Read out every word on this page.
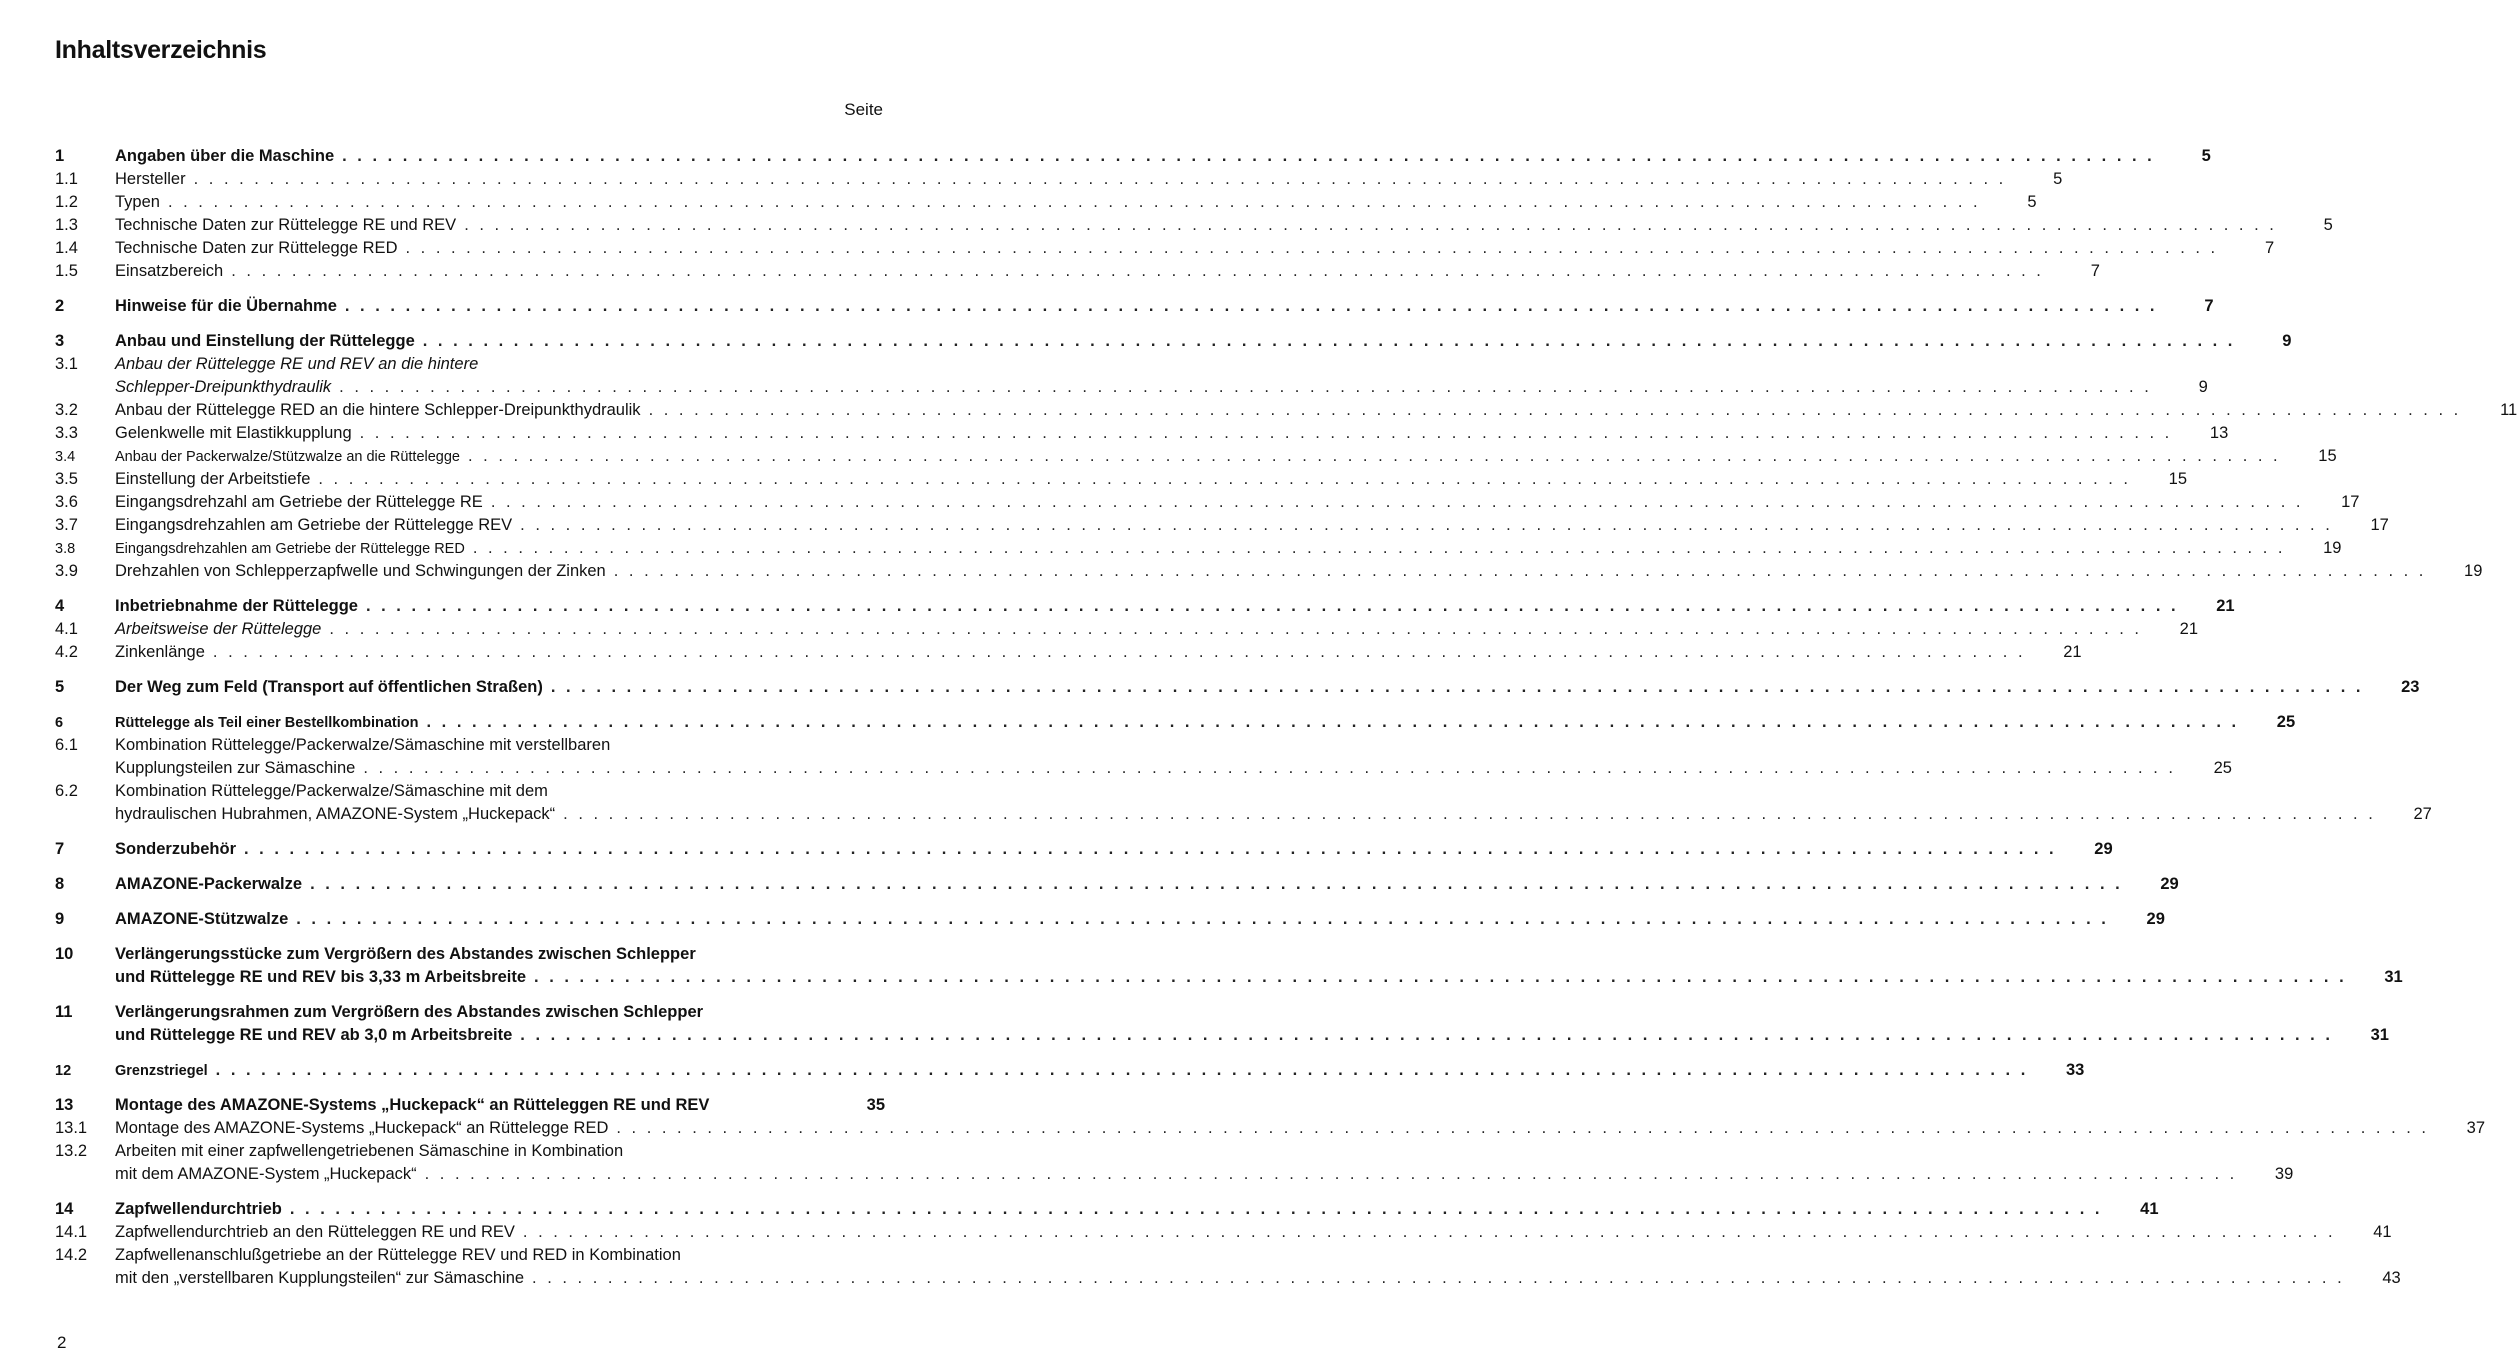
Inhaltsverzeichnis
Seite
1	Angaben über die Maschine . . . . . . . . . . . . . . . . . . . . . . . . . . . . . . . . . . . . . . . . . . . . . . . . . . . . . . . . . . . . . . . . . . . . . . . . . . . . . . . . . . . . . . . . . . . . . . . . . . . . . . . . . . . . . . . . . . . . . . . .	5
1.1	Hersteller . . . . . . . . . . . . . . . . . . . . . . . . . . . . . . . . . . . . . . . . . . . . . . . . . . . . . . . . . . . . . . . . . . . . . . . . . . . . . . . . . . . . . . . . . . . . . . . . . . . . . . . . . . . . . . . . . . . . . . . .	5
1.2	Typen . . . . . . . . . . . . . . . . . . . . . . . . . . . . . . . . . . . . . . . . . . . . . . . . . . . . . . . . . . . . . . . . . . . . . . . . . . . . . . . . . . . . . . . . . . . . . . . . . . . . . . . . . . . . . . . . . . . . . . . .	5
1.3	Technische Daten zur Rüttelegge RE und REV . . . . . . . . . . . . . . . . . . . . . . . . . . . . . . . . . . . . . . . . . . . . . . . . . . . . . . . . . . . . . . . . . . . . . . . . . . . . . . . . . . . . . . . . . . . . . . . . . . . . . . . . . . . . . . . . . . . . . . . .	5
1.4	Technische Daten zur Rüttelegge RED . . . . . . . . . . . . . . . . . . . . . . . . . . . . . . . . . . . . . . . . . . . . . . . . . . . . . . . . . . . . . . . . . . . . . . . . . . . . . . . . . . . . . . . . . . . . . . . . . . . . . . . . . . . . . . . . . . . . . . . .	7
1.5	Einsatzbereich . . . . . . . . . . . . . . . . . . . . . . . . . . . . . . . . . . . . . . . . . . . . . . . . . . . . . . . . . . . . . . . . . . . . . . . . . . . . . . . . . . . . . . . . . . . . . . . . . . . . . . . . . . . . . . . . . . . . . . . .	7
2	Hinweise für die Übernahme . . . . . . . . . . . . . . . . . . . . . . . . . . . . . . . . . . . . . . . . . . . . . . . . . . . . . . . . . . . . . . . . . . . . . . . . . . . . . . . . . . . . . . . . . . . . . . . . . . . . . . . . . . . . . . . . . . . . . . . .	7
3	Anbau und Einstellung der Rüttelegge . . . . . . . . . . . . . . . . . . . . . . . . . . . . . . . . . . . . . . . . . . . . . . . . . . . . . . . . . . . . . . . . . . . . . . . . . . . . . . . . . . . . . . . . . . . . . . . . . . . . . . . . . . . . . . . . . . . . . . . .	9
3.1	Anbau der Rüttelegge RE und REV an die hintere
Schlepper-Dreipunkthydraulik . . . . . . . . . . . . . . . . . . . . . . . . . . . . . . . . . . . . . . . . . . . . . . . . . . . . . . . . . . . . . . . . . . . . . . . . . . . . . . . . . . . . . . . . . . . . . . . . . . . . . . . . . . . . . . . . . . . . . . . .	9
3.2	Anbau der Rüttelegge RED an die hintere Schlepper-Dreipunkthydraulik . . . . . . . . . . . . . . . . . . . . . . . . . . . . . . . . . . . . . . . . . . . . . . . . . . . . . . . . . . . . . . . . . . . . . . . . . . . . . . . . . . . . . . . . . . . . . . . . . . . . . . . . . . . . . . . . . . . . . . . .	11
3.3	Gelenkwelle mit Elastikkupplung . . . . . . . . . . . . . . . . . . . . . . . . . . . . . . . . . . . . . . . . . . . . . . . . . . . . . . . . . . . . . . . . . . . . . . . . . . . . . . . . . . . . . . . . . . . . . . . . . . . . . . . . . . . . . . . . . . . . . . . .	13
3.4	Anbau der Packerwalze/Stützwalze an die Rüttelegge . . . . . . . . . . . . . . . . . . . . . . . . . . . . . . . . . . . . . . . . . . . . . . . . . . . . . . . . . . . . . . . . . . . . . . . . . . . . . . . . . . . . . . . . . . . . . . . . . . . . . . . . . . . . . . . . . . . . . . . .	15
3.5	Einstellung der Arbeitstiefe . . . . . . . . . . . . . . . . . . . . . . . . . . . . . . . . . . . . . . . . . . . . . . . . . . . . . . . . . . . . . . . . . . . . . . . . . . . . . . . . . . . . . . . . . . . . . . . . . . . . . . . . . . . . . . . . . . . . . . . .	15
3.6	Eingangsdrehzahl am Getriebe der Rüttelegge RE . . . . . . . . . . . . . . . . . . . . . . . . . . . . . . . . . . . . . . . . . . . . . . . . . . . . . . . . . . . . . . . . . . . . . . . . . . . . . . . . . . . . . . . . . . . . . . . . . . . . . . . . . . . . . . . . . . . . . . . .	17
3.7	Eingangsdrehzahlen am Getriebe der Rüttelegge REV . . . . . . . . . . . . . . . . . . . . . . . . . . . . . . . . . . . . . . . . . . . . . . . . . . . . . . . . . . . . . . . . . . . . . . . . . . . . . . . . . . . . . . . . . . . . . . . . . . . . . . . . . . . . . . . . . . . . . . . .	17
3.8	Eingangsdrehzahlen am Getriebe der Rüttelegge RED . . . . . . . . . . . . . . . . . . . . . . . . . . . . . . . . . . . . . . . . . . . . . . . . . . . . . . . . . . . . . . . . . . . . . . . . . . . . . . . . . . . . . . . . . . . . . . . . . . . . . . . . . . . . . . . . . . . . . . . .	19
3.9	Drehzahlen von Schlepperzapfwelle und Schwingungen der Zinken . . . . . . . . . . . . . . . . . . . . . . . . . . . . . . . . . . . . . . . . . . . . . . . . . . . . . . . . . . . . . . . . . . . . . . . . . . . . . . . . . . . . . . . . . . . . . . . . . . . . . . . . . . . . . . . . . . . . . . . .	19
4	Inbetriebnahme der Rüttelegge . . . . . . . . . . . . . . . . . . . . . . . . . . . . . . . . . . . . . . . . . . . . . . . . . . . . . . . . . . . . . . . . . . . . . . . . . . . . . . . . . . . . . . . . . . . . . . . . . . . . . . . . . . . . . . . . . . . . . . . .	21
4.1	Arbeitsweise der Rüttelegge . . . . . . . . . . . . . . . . . . . . . . . . . . . . . . . . . . . . . . . . . . . . . . . . . . . . . . . . . . . . . . . . . . . . . . . . . . . . . . . . . . . . . . . . . . . . . . . . . . . . . . . . . . . . . . . . . . . . . . . .	21
4.2	Zinkenlänge . . . . . . . . . . . . . . . . . . . . . . . . . . . . . . . . . . . . . . . . . . . . . . . . . . . . . . . . . . . . . . . . . . . . . . . . . . . . . . . . . . . . . . . . . . . . . . . . . . . . . . . . . . . . . . . . . . . . . . . .	21
5	Der Weg zum Feld (Transport auf öffentlichen Straßen) . . . . . . . . . . . . . . . . . . . . . . . . . . . . . . . . . . . . . . . . . . . . . . . . . . . . . . . . . . . . . . . . . . . . . . . . . . . . . . . . . . . . . . . . . . . . . . . . . . . . . . . . . . . . . . . . . . . . . . . .	23
6	Rüttelegge als Teil einer Bestellkombination . . . . . . . . . . . . . . . . . . . . . . . . . . . . . . . . . . . . . . . . . . . . . . . . . . . . . . . . . . . . . . . . . . . . . . . . . . . . . . . . . . . . . . . . . . . . . . . . . . . . . . . . . . . . . . . . . . . . . . . .	25
6.1	Kombination Rüttelegge/Packerwalze/Sämaschine mit verstellbaren
Kupplungsteilen zur Sämaschine . . . . . . . . . . . . . . . . . . . . . . . . . . . . . . . . . . . . . . . . . . . . . . . . . . . . . . . . . . . . . . . . . . . . . . . . . . . . . . . . . . . . . . . . . . . . . . . . . . . . . . . . . . . . . . . . . . . . . . . .	25
6.2	Kombination Rüttelegge/Packerwalze/Sämaschine mit dem
hydraulischen Hubrahmen, AMAZONE-System „Huckepack“ . . . . . . . . . . . . . . . . . . . . . . . . . . . . . . . . . . . . . . . . . . . . . . . . . . . . . . . . . . . . . . . . . . . . . . . . . . . . . . . . . . . . . . . . . . . . . . . . . . . . . . . . . . . . . . . . . . . . . . . .	27
7	Sonderzubehör . . . . . . . . . . . . . . . . . . . . . . . . . . . . . . . . . . . . . . . . . . . . . . . . . . . . . . . . . . . . . . . . . . . . . . . . . . . . . . . . . . . . . . . . . . . . . . . . . . . . . . . . . . . . . . . . . . . . . . . .	29
8	AMAZONE-Packerwalze . . . . . . . . . . . . . . . . . . . . . . . . . . . . . . . . . . . . . . . . . . . . . . . . . . . . . . . . . . . . . . . . . . . . . . . . . . . . . . . . . . . . . . . . . . . . . . . . . . . . . . . . . . . . . . . . . . . . . . . .	29
9	AMAZONE-Stützwalze . . . . . . . . . . . . . . . . . . . . . . . . . . . . . . . . . . . . . . . . . . . . . . . . . . . . . . . . . . . . . . . . . . . . . . . . . . . . . . . . . . . . . . . . . . . . . . . . . . . . . . . . . . . . . . . . . . . . . . . .	29
10	Verlängerungsstücke zum Vergrößern des Abstandes zwischen Schlepper
und Rüttelegge RE und REV bis 3,33 m Arbeitsbreite . . . . . . . . . . . . . . . . . . . . . . . . . . . . . . . . . . . . . . . . . . . . . . . . . . . . . . . . . . . . . . . . . . . . . . . . . . . . . . . . . . . . . . . . . . . . . . . . . . . . . . . . . . . . . . . . . . . . . . . .	31
11	Verlängerungsrahmen zum Vergrößern des Abstandes zwischen Schlepper
und Rüttelegge RE und REV ab 3,0 m Arbeitsbreite . . . . . . . . . . . . . . . . . . . . . . . . . . . . . . . . . . . . . . . . . . . . . . . . . . . . . . . . . . . . . . . . . . . . . . . . . . . . . . . . . . . . . . . . . . . . . . . . . . . . . . . . . . . . . . . . . . . . . . . .	31
12	Grenzstriegel . . . . . . . . . . . . . . . . . . . . . . . . . . . . . . . . . . . . . . . . . . . . . . . . . . . . . . . . . . . . . . . . . . . . . . . . . . . . . . . . . . . . . . . . . . . . . . . . . . . . . . . . . . . . . . . . . . . . . . . .	33
13	Montage des AMAZONE-Systems „Huckepack“ an Rütteleggen RE und REV	35
13.1	Montage des AMAZONE-Systems „Huckepack“ an Rüttelegge RED . . . . . . . . . . . . . . . . . . . . . . . . . . . . . . . . . . . . . . . . . . . . . . . . . . . . . . . . . . . . . . . . . . . . . . . . . . . . . . . . . . . . . . . . . . . . . . . . . . . . . . . . . . . . . . . . . . . . . . . .	37
13.2	Arbeiten mit einer zapfwellengetriebenen Sämaschine in Kombination
mit dem AMAZONE-System „Huckepack“ . . . . . . . . . . . . . . . . . . . . . . . . . . . . . . . . . . . . . . . . . . . . . . . . . . . . . . . . . . . . . . . . . . . . . . . . . . . . . . . . . . . . . . . . . . . . . . . . . . . . . . . . . . . . . . . . . . . . . . . .	39
14	Zapfwellendurchtrieb . . . . . . . . . . . . . . . . . . . . . . . . . . . . . . . . . . . . . . . . . . . . . . . . . . . . . . . . . . . . . . . . . . . . . . . . . . . . . . . . . . . . . . . . . . . . . . . . . . . . . . . . . . . . . . . . . . . . . . . .	41
14.1	Zapfwellendurchtrieb an den Rütteleggen RE und REV . . . . . . . . . . . . . . . . . . . . . . . . . . . . . . . . . . . . . . . . . . . . . . . . . . . . . . . . . . . . . . . . . . . . . . . . . . . . . . . . . . . . . . . . . . . . . . . . . . . . . . . . . . . . . . . . . . . . . . . .	41
14.2	Zapfwellenanschlußgetriebe an der Rüttelegge REV und RED in Kombination
mit den „verstellbaren Kupplungsteilen“ zur Sämaschine . . . . . . . . . . . . . . . . . . . . . . . . . . . . . . . . . . . . . . . . . . . . . . . . . . . . . . . . . . . . . . . . . . . . . . . . . . . . . . . . . . . . . . . . . . . . . . . . . . . . . . . . . . . . . . . . . . . . . . . .	43
2
